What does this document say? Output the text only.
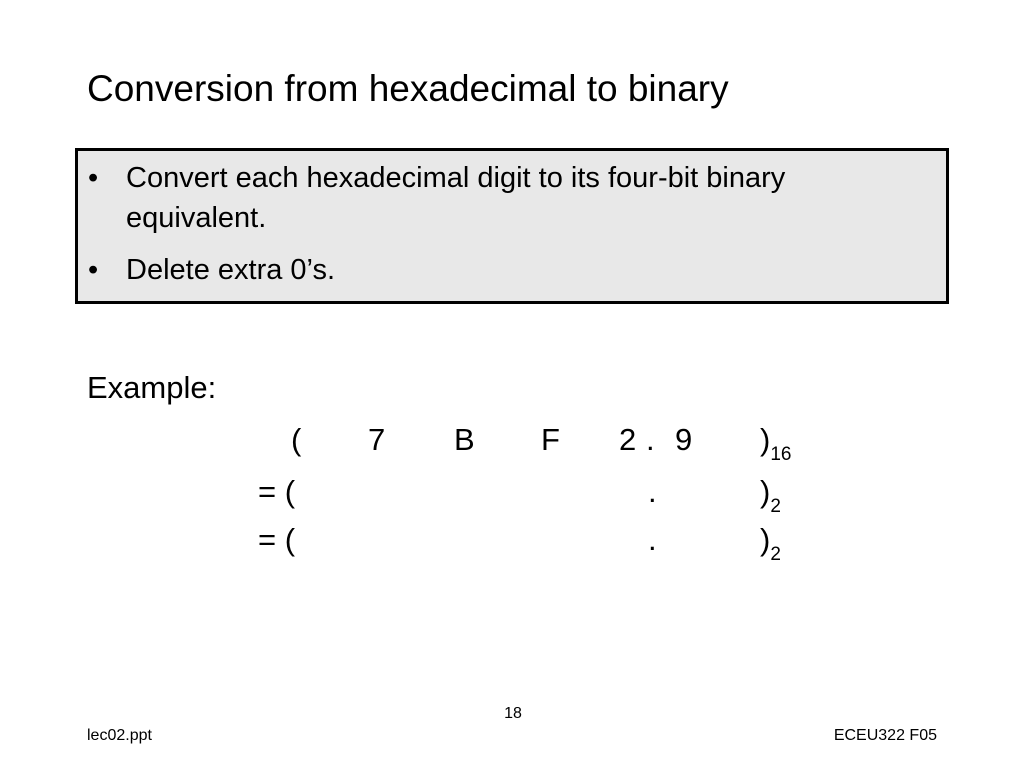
Conversion from hexadecimal to binary
• Convert each hexadecimal digit to its four-bit binary equivalent.
• Delete extra 0’s.
Example:
( 7 B F 2 . 9 )$_{16}$
= (	.	)$_2$
= (	.	)$_2$
18
lec02.ppt	ECEU322 F05
